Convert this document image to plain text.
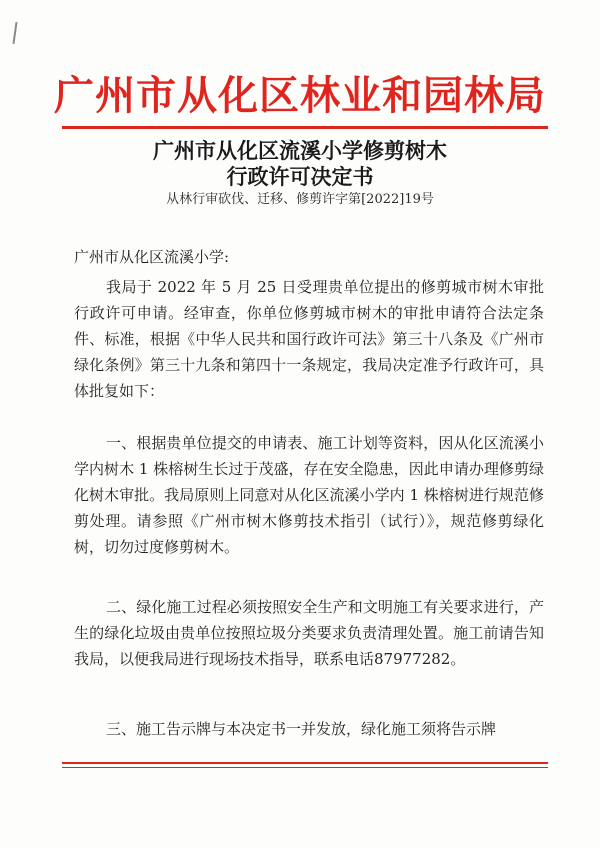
广州市从化区林业和园林局
广州市从化区流溪小学修剪树木
行政许可决定书
从林行审砍伐、迁移、修剪许字第[2022]19号
广州市从化区流溪小学:
我局于 2022 年 5 月 25 日受理贵单位提出的修剪城市树木审批行政许可申请。经审查，你单位修剪城市树木的审批申请符合法定条件、标准，根据《中华人民共和国行政许可法》第三十八条及《广州市绿化条例》第三十九条和第四十一条规定，我局决定准予行政许可，具体批复如下：
一、根据贵单位提交的申请表、施工计划等资料，因从化区流溪小学内树木 1 株榕树生长过于茂盛，存在安全隐患，因此申请办理修剪绿化树木审批。我局原则上同意对从化区流溪小学内 1 株榕树进行规范修剪处理。请参照《广州市树木修剪技术指引（试行）》，规范修剪绿化树，切勿过度修剪树木。
二、绿化施工过程必须按照安全生产和文明施工有关要求进行，产生的绿化垃圾由贵单位按照垃圾分类要求负责清理处置。施工前请告知我局，以便我局进行现场技术指导，联系电话87977282。
三、施工告示牌与本决定书一并发放，绿化施工须将告示牌
